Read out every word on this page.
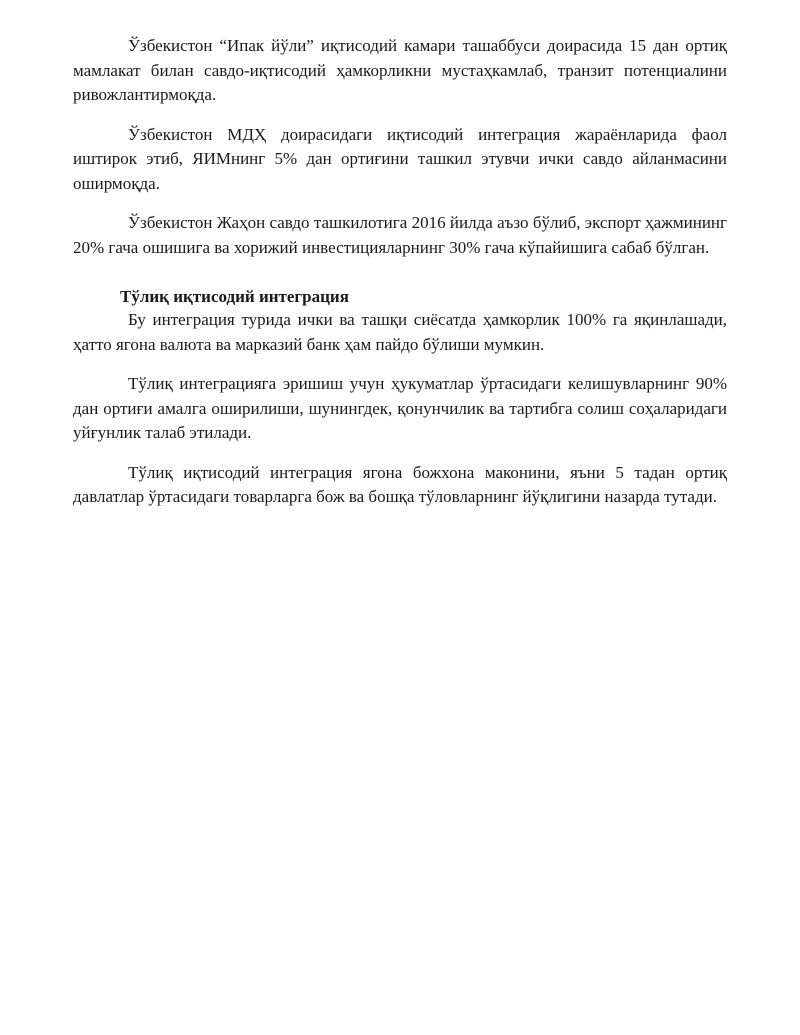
Ўзбекистон “Ипак йўли” иқтисодий камари ташаббуси доирасида 15 дан ортиқ мамлакат билан савдо-иқтисодий ҳамкорликни мустаҳкамлаб, транзит потенциалини ривожлантирмоқда.

Ўзбекистон МДҲ доирасидаги иқтисодий интеграция жараёнларида фаол иштирок этиб, ЯИМнинг 5% дан ортиғини ташкил этувчи ички савдо айланмасини оширмоқда.

Ўзбекистон Жаҳон савдо ташкилотига 2016 йилда аъзо бўлиб, экспорт ҳажмининг 20% гача ошишига ва хорижий инвестицияларнинг 30% гача кўпайишига сабаб бўлган.

Тўлиқ иқтисодий интеграция

Бу интеграция турида ички ва ташқи сиёсатда ҳамкорлик 100% га яқинлашади, ҳатто ягона валюта ва марказий банк ҳам пайдо бўлиши мумкин.

Тўлиқ интеграцияга эришиш учун ҳукуматлар ўртасидаги келишувларнинг 90% дан ортиғи амалга оширилиши, шунингдек, қонунчилик ва тартибга солиш соҳаларидаги уйғунлик талаб этилади.

Тўлиқ иқтисодий интеграция ягона божхона маконини, яъни 5 тадан ортиқ давлатлар ўртасидаги товарларга бож ва бошқа тўловларнинг йўқлигини назарда тутади.
